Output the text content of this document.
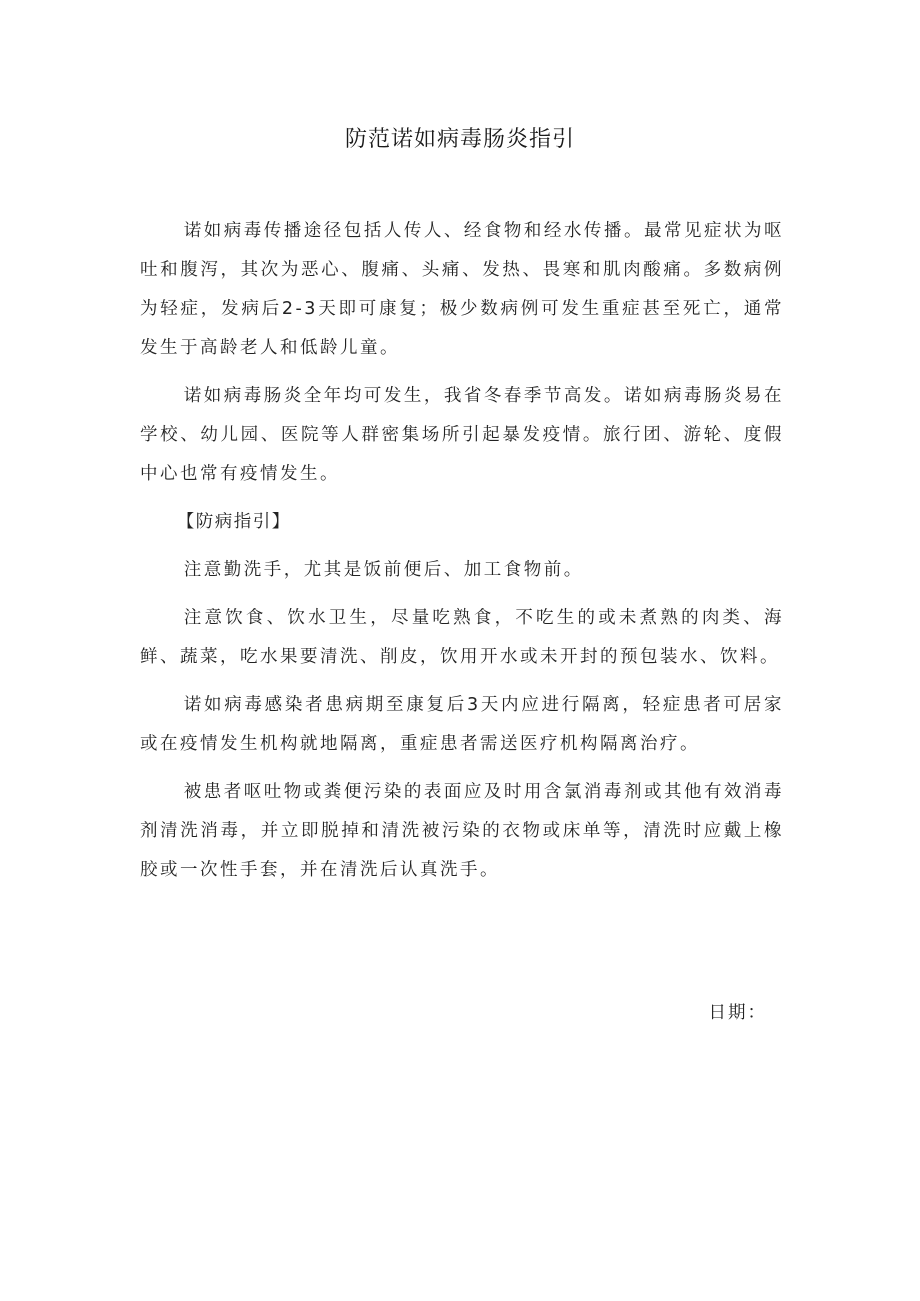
防范诺如病毒肠炎指引

诺如病毒传播途径包括人传人、经食物和经水传播。最常见症状为呕吐和腹泻，其次为恶心、腹痛、头痛、发热、畏寒和肌肉酸痛。多数病例为轻症，发病后2-3天即可康复；极少数病例可发生重症甚至死亡，通常发生于高龄老人和低龄儿童。

诺如病毒肠炎全年均可发生，我省冬春季节高发。诺如病毒肠炎易在学校、幼儿园、医院等人群密集场所引起暴发疫情。旅行团、游轮、度假中心也常有疫情发生。

【防病指引】

注意勤洗手，尤其是饭前便后、加工食物前。

注意饮食、饮水卫生，尽量吃熟食，不吃生的或未煮熟的肉类、海鲜、蔬菜，吃水果要清洗、削皮，饮用开水或未开封的预包装水、饮料。

诺如病毒感染者患病期至康复后3天内应进行隔离，轻症患者可居家或在疫情发生机构就地隔离，重症患者需送医疗机构隔离治疗。

被患者呕吐物或粪便污染的表面应及时用含氯消毒剂或其他有效消毒剂清洗消毒，并立即脱掉和清洗被污染的衣物或床单等，清洗时应戴上橡胶或一次性手套，并在清洗后认真洗手。

日期：
